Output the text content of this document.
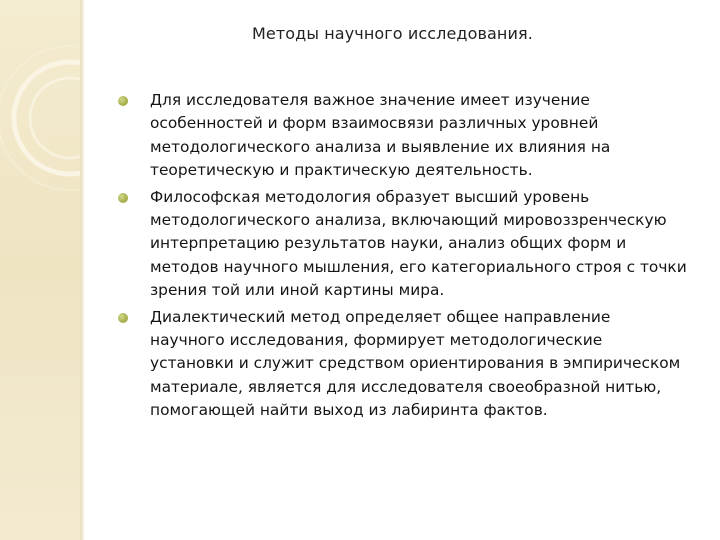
Методы научного исследования.
Для исследователя важное значение имеет изучение особенностей и форм взаимосвязи различных уровней методологического анализа и выявление их влияния на теоретическую и практическую деятельность.
Философская методология образует высший уровень методологического анализа, включающий мировоззренческую интерпретацию результатов науки, анализ общих форм и методов научного мышления, его категориального строя с точки зрения той или иной картины мира.
Диалектический метод определяет общее направление научного исследования, формирует методологические установки и служит средством ориентирования в эмпирическом материале, является для исследователя своеобразной нитью, помогающей найти выход из лабиринта фактов.
